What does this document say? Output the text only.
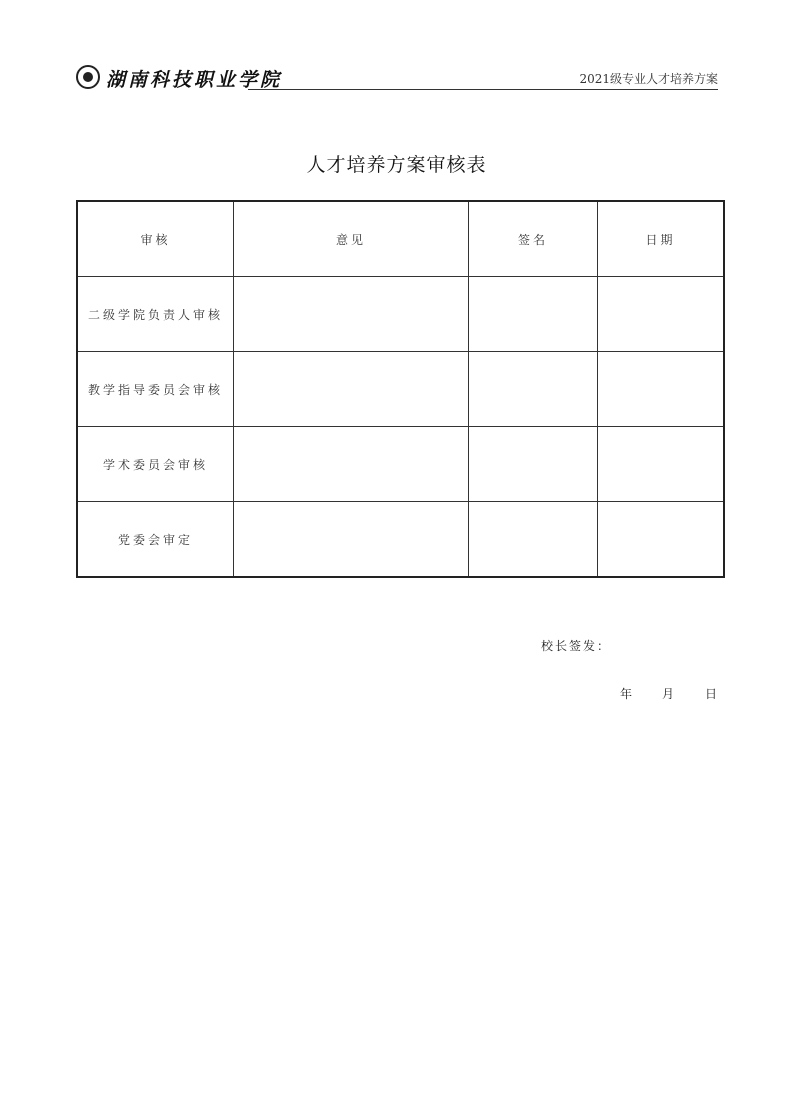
湖南科技职业学院	2021级专业人才培养方案
人才培养方案审核表
审核	意见	签名	日期
二级学院负责人审核			
教学指导委员会审核			
学术委员会审核			
党委会审定			
校长签发：
年 月	日
